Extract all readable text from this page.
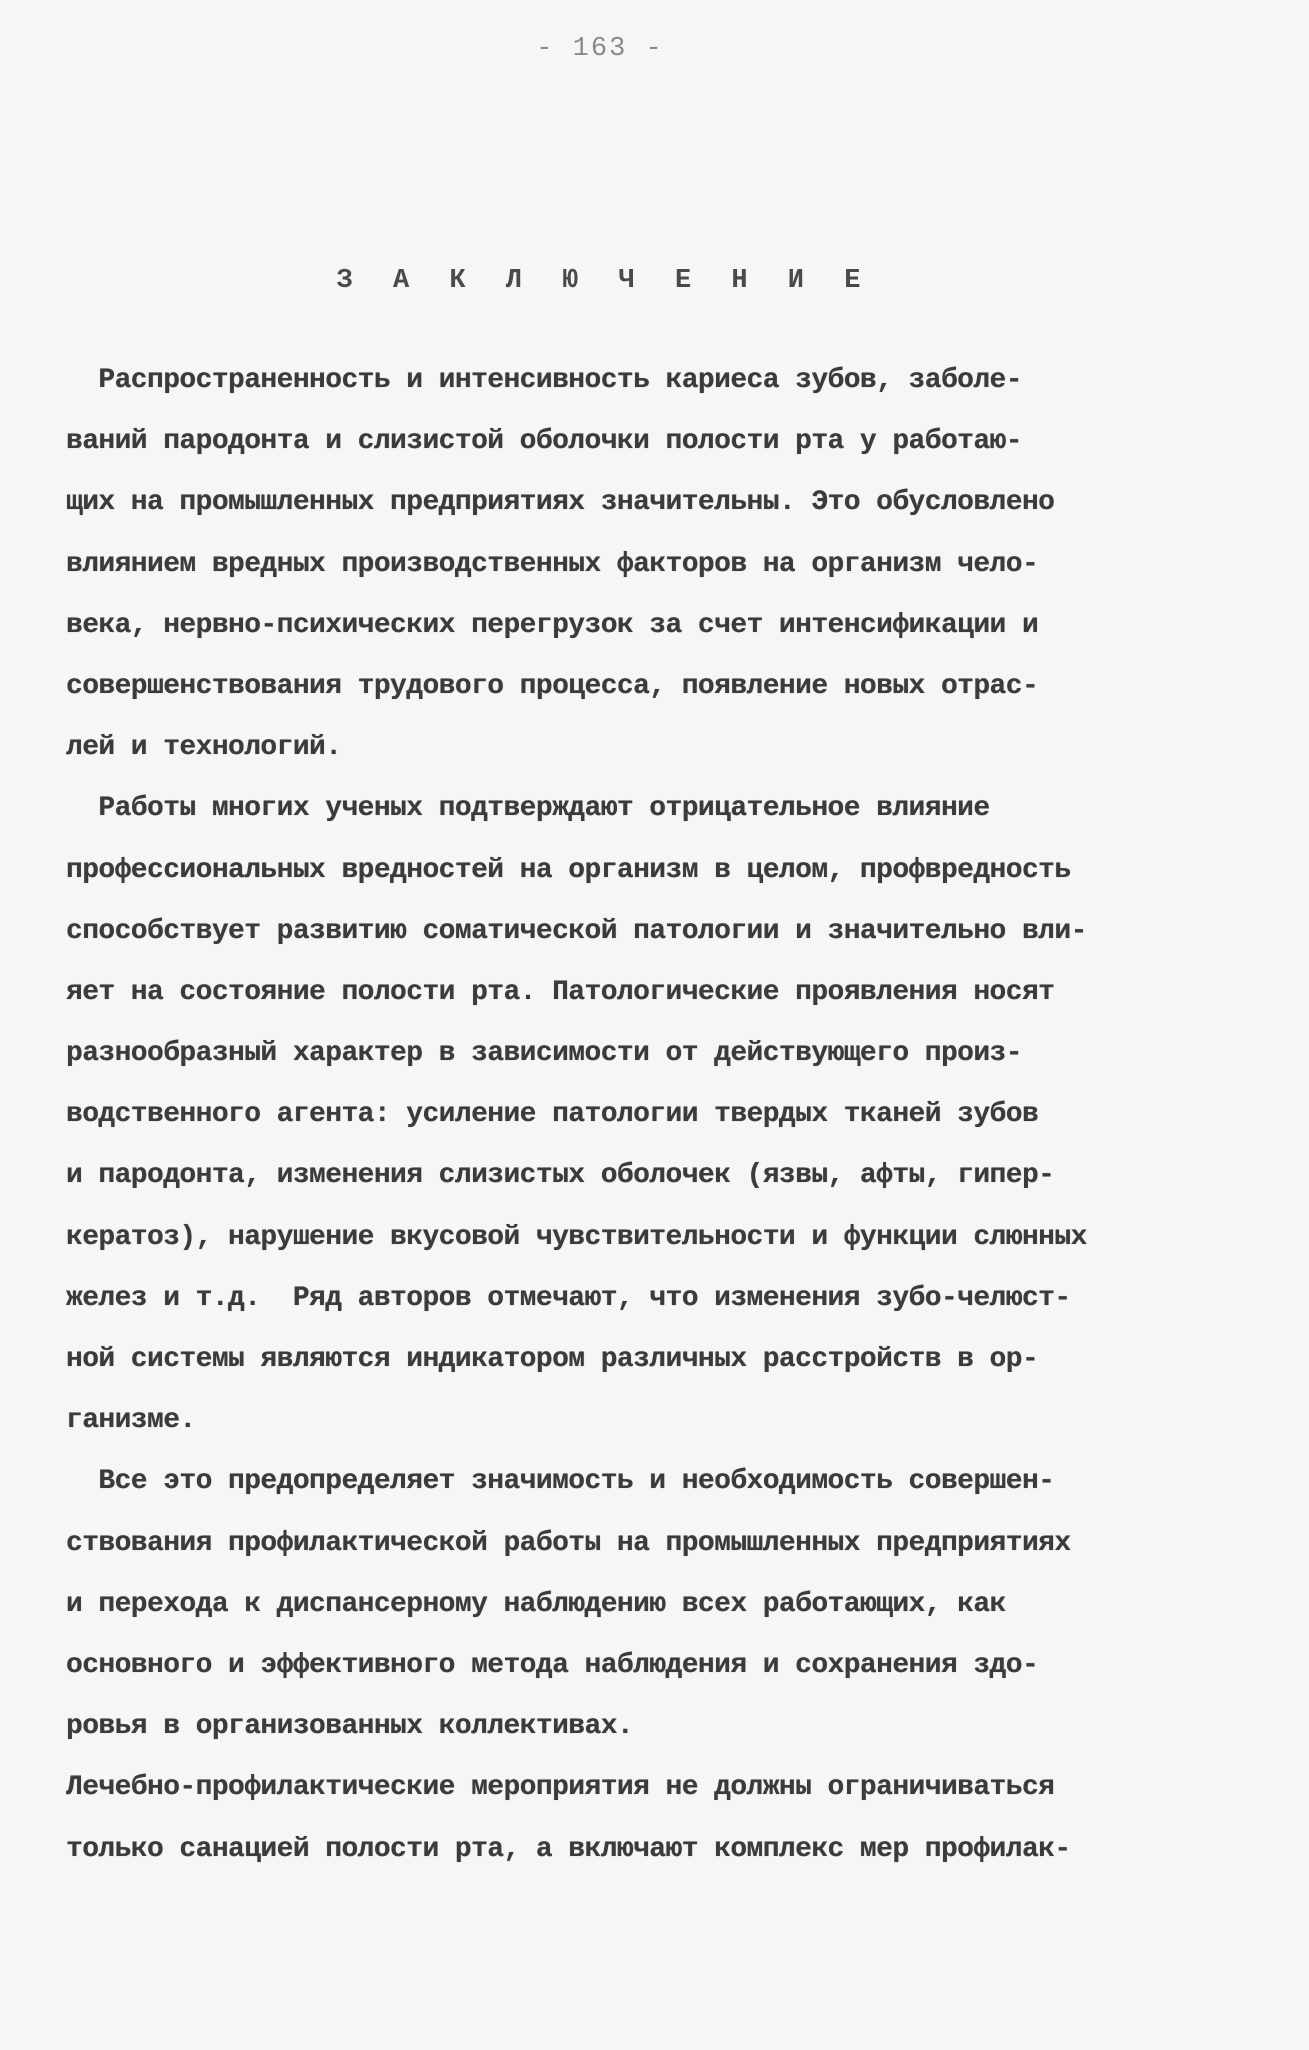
- 163 -
З А К Л Ю Ч Е Н И Е
Распространенность и интенсивность кариеса зубов, заболе-
ваний пародонта и слизистой оболочки полости рта у работаю-
щих на промышленных предприятиях значительны. Это обусловлено
влиянием вредных производственных факторов на организм чело-
века, нервно-психических перегрузок за счет интенсификации и
совершенствования трудового процесса, появление новых отрас-
лей и технологий.
Работы многих ученых подтверждают отрицательное влияние
профессиональных вредностей на организм в целом, профвредность
способствует развитию соматической патологии и значительно вли-
яет на состояние полости рта. Патологические проявления носят
разнообразный характер в зависимости от действующего произ-
водственного агента: усиление патологии твердых тканей зубов
и пародонта, изменения слизистых оболочек (язвы, афты, гипер-
кератоз), нарушение вкусовой чувствительности и функции слюнных
желез и т.д.  Ряд авторов отмечают, что изменения зубо-челюст-
ной системы являются индикатором различных расстройств в ор-
ганизме.
Все это предопределяет значимость и необходимость совершен-
ствования профилактической работы на промышленных предприятиях
и перехода к диспансерному наблюдению всех работающих, как
основного и эффективного метода наблюдения и сохранения здо-
ровья в организованных коллективах.
Лечебно-профилактические мероприятия не должны ограничиваться
только санацией полости рта, а включают комплекс мер профилак-
